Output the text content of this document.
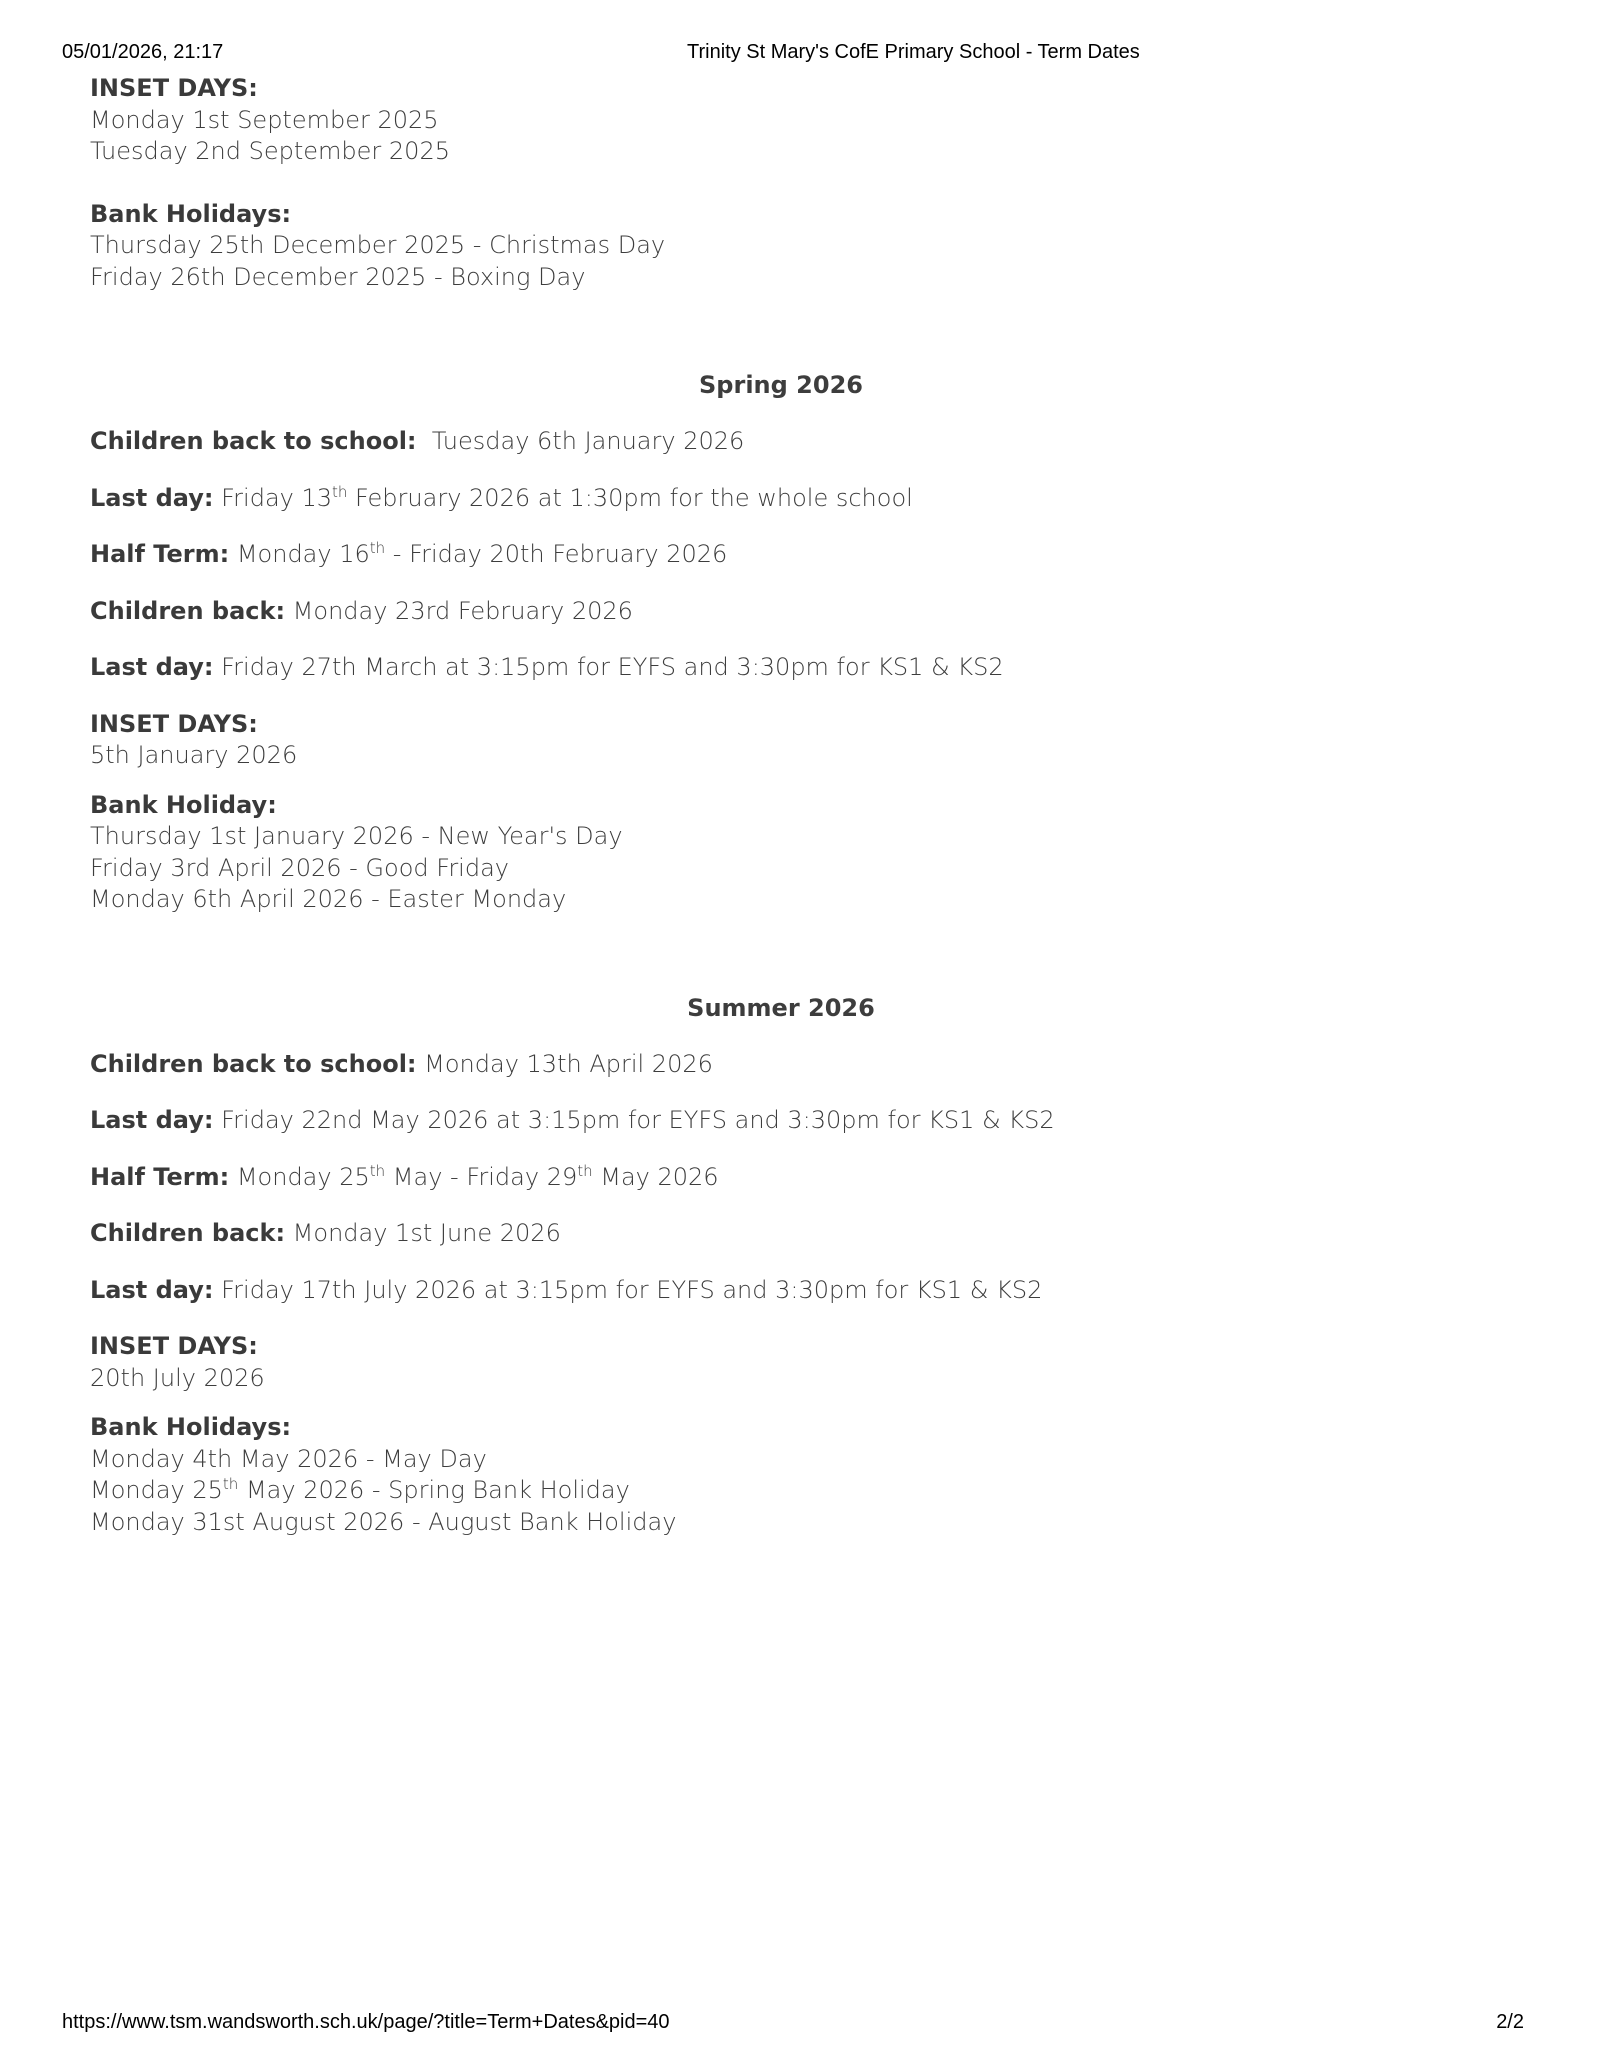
05/01/2026, 21:17	Trinity St Mary's CofE Primary School - Term Dates
INSET DAYS:
Monday 1st September 2025
Tuesday 2nd September 2025
Bank Holidays:
Thursday 25th December 2025 - Christmas Day
Friday 26th December 2025 - Boxing Day
Spring 2026
Children back to school:  Tuesday 6th January 2026
Last day: Friday 13th February 2026 at 1:30pm for the whole school
Half Term: Monday 16th - Friday 20th February 2026
Children back: Monday 23rd February 2026
Last day: Friday 27th March at 3:15pm for EYFS and 3:30pm for KS1 & KS2
INSET DAYS:
5th January 2026
Bank Holiday:
Thursday 1st January 2026 - New Year's Day
Friday 3rd April 2026 - Good Friday
Monday 6th April 2026 - Easter Monday
Summer 2026
Children back to school: Monday 13th April 2026
Last day: Friday 22nd May 2026 at 3:15pm for EYFS and 3:30pm for KS1 & KS2
Half Term: Monday 25th May - Friday 29th May 2026
Children back: Monday 1st June 2026
Last day: Friday 17th July 2026 at 3:15pm for EYFS and 3:30pm for KS1 & KS2
INSET DAYS:
20th July 2026
Bank Holidays:
Monday 4th May 2026 - May Day
Monday 25th May 2026 - Spring Bank Holiday
Monday 31st August 2026 - August Bank Holiday
https://www.tsm.wandsworth.sch.uk/page/?title=Term+Dates&pid=40	2/2
